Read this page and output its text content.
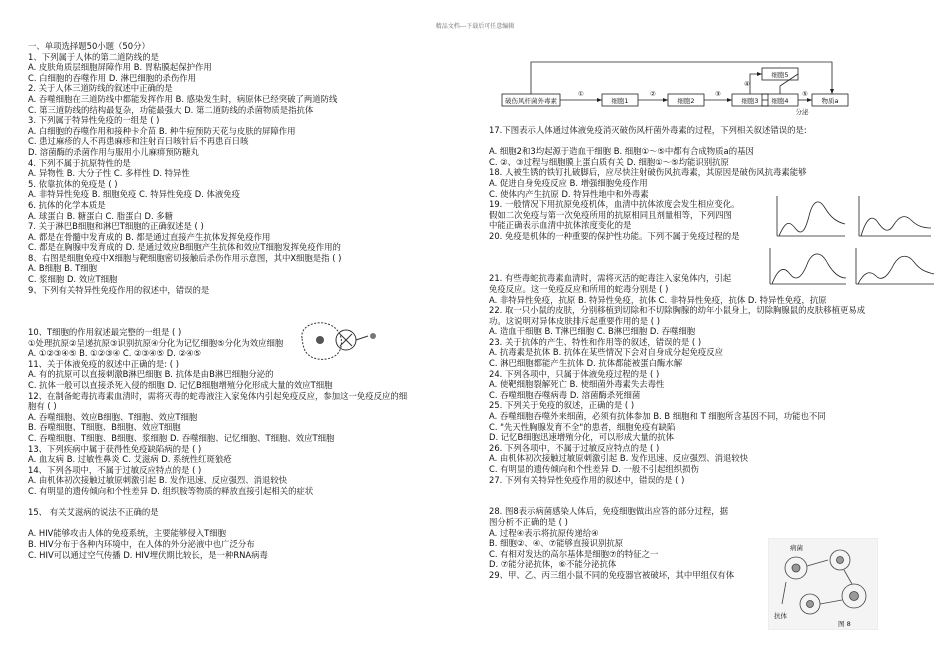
精品文档---下载后可任意编辑
一、单项选择题50小题（50分）
1、下列属于人体的第二道防线的是
A. 皮肤角质层细胞屏障作用 B. 胃粘膜起保护作用
C. 白细胞的吞噬作用 D. 淋巴细胞的杀伤作用
2. 关于人体三道防线的叙述中正确的是
A. 吞噬细胞在三道防线中都能发挥作用 B. 感染发生时，病原体已经突破了两道防线
C. 第三道防线的结构最复杂，功能最强大 D. 第二道防线的杀菌物质是指抗体
3. 下列属于特异性免疫的一组是 ( )
A. 白细胞的吞噬作用和接种卡介苗 B. 种牛痘预防天花与皮肤的屏障作用
C. 患过麻疹的人不再患麻疹和注射百日咳针后不再患百日咳
D. 溶菌酶的杀菌作用与服用小儿麻痹预防糖丸
4. 下列不属于抗原特性的是
A. 异物性 B. 大分子性 C. 多样性 D. 特异性
5. 依靠抗体的免疫是 ( )
A. 非特异性免疫 B. 细胞免疫 C. 特异性免疫 D. 体液免疫
6. 抗体的化学本质是
A. 球蛋白 B. 糖蛋白 C. 脂蛋白 D. 多糖
7. 关于淋巴B细胞和淋巴T细胞的正确叙述是 ( )
A. 都是在骨髓中发育成的 B. 都是通过直接产生抗体发挥免疫作用
C. 都是在胸腺中发育成的 D. 是通过效应B细胞产生抗体和效应T细胞发挥免疫作用的
8、右图是细胞免疫中X细胞与靶细胞密切接触后杀伤作用示意图，其中X细胞是指 ( )
A. B细胞 B. T细胞
C. 浆细胞 D. 效应T细胞
9、下列有关特异性免疫作用的叙述中，错误的是

10、T细胞的作用叙述最完整的一组是 ( )
①处理抗原②呈递抗原③识别抗原④分化为记忆细胞⑤分化为效应细胞
A. ①②③④⑤ B. ①②③④ C. ②③④⑤ D. ②④⑤
11、关于体液免疫的叙述中正确的是: ( )
A. 有的抗原可以直接刺激B淋巴细胞 B. 抗体是由B淋巴细胞分泌的
C. 抗体一般可以直接杀死入侵的细胞 D. 记忆B细胞增殖分化形成大量的效应T细胞
12、在制备蛇毒抗毒素血清时，需将灭毒的蛇毒液注入家兔体内引起免疫反应，参加这一免疫反应的细
胞有 ( )
A. 吞噬细胞、效应B细胞、T细胞、效应T细胞
B. 吞噬细胞、T细胞、B细胞、效应T细胞
C. 吞噬细胞、T细胞、B细胞、浆细胞 D. 吞噬细胞、记忆细胞、T细胞、效应T细胞
13、下列疾病中属于获得性免疫缺陷病的是 ( )
A. 血友病 B. 过敏性鼻炎 C. 艾滋病 D. 系统性红斑狼疮
14、下列各项中，不属于过敏反应特点的是 ( )
A. 由机体初次接触过敏原刺激引起 B. 发作迅速、反应强烈、消退较快
C. 有明显的遗传倾向和个性差异 D. 组织胺等物质的释放直接引起相关的症状

15、 有关艾滋病的说法不正确的是

A. HIV能够攻击人体的免疫系统，主要能够侵入T细胞
B. HIV分布于各种内环境中，在人体的外分泌液中也广泛分布
C. HIV可以通过空气传播 D. HIV埋伏期比较长，是一种RNA病毒
17.下图表示人体通过体液免疫消灭破伤风杆菌外毒素的过程，下列相关叙述错误的是:

A. 细胞2和3均起源于造血干细胞 B. 细胞①～⑤中都有合成物质a的基因
C. ②、③过程与细胞膜上蛋白质有关 D. 细胞①～⑤均能识别抗原
18. 人被生锈的铁钉扎破脚后，应尽快注射破伤风抗毒素，其原因是破伤风抗毒素能够
A. 促进自身免疫反应 B. 增强细胞免疫作用
C. 使体内产生抗原 D. 特异性地中和外毒素
19. 一般情况下用抗原免疫机体，血清中抗体浓度会发生相应变化。
假如二次免疫与第一次免疫所用的抗原相同且剂量相等，下列四图
中能正确表示血清中抗体浓度变化的是
20. 免疫是机体的一种重要的保护性功能。下列不属于免疫过程的是

21. 有些毒蛇抗毒素血清时，需将灭活的蛇毒注入家兔体内，引起
免疫反应。这一免疫反应和所用的蛇毒分别是 ( )
A. 非特异性免疫，抗原 B. 特异性免疫，抗体 C. 非特异性免疫，抗体 D. 特异性免疫，抗原
22. 取一只小鼠的皮肤，分别移植到切除和不切除胸腺的幼年小鼠身上，切除胸腺鼠的皮肤移植更易成
功。这说明对异体皮肤排斥起重要作用的是 ( )
A. 造血干细胞 B. T淋巴细胞 C. B淋巴细胞 D. 吞噬细胞
23. 关于抗体的产生、特性和作用等的叙述，错误的是 ( )
A. 抗毒素是抗体 B. 抗体在某些情况下会对自身成分起免疫反应
C. 淋巴细胞都能产生抗体 D. 抗体都能被蛋白酶水解
24. 下列各项中，只属于体液免疫过程的是 ( )
A. 使靶细胞裂解死亡 B. 使细菌外毒素失去毒性
C. 吞噬细胞吞噬病毒 D. 溶菌酶杀死细菌
25. 下列关于免疫的叙述，正确的是 ( )
A. 吞噬细胞吞噬外来细菌，必须有抗体参加 B. B 细胞和 T 细胞所含基因不同，功能也不同
C. "先天性胸腺发育不全"的患者，细胞免疫有缺陷
D. 记忆B细胞迅速增殖分化，可以形成大量的抗体
26. 下列各项中，不属于过敏反应特点的是 ( )
A. 由机体初次接触过敏原刺激引起 B. 发作迅速、反应强烈、消退较快
C. 有明显的遗传倾向和个性差异 D. 一般不引起组织损伤
27. 下列有关特异性免疫作用的叙述中，错误的是 ( )

28. 图8表示病菌感染人体后，免疫细胞做出应答的部分过程，据
图分析不正确的是 ( )
A. 过程④表示将抗原传递给④
B. 细胞②、④、⑦能够直接识别抗原
C. 有相对发达的高尔基体是细胞⑦的特征之一
D. ⑦能分泌抗体，⑥不能分泌抗体
29、甲、乙、丙三组小鼠不同的免疫器官被破坏，其中甲组仅有体
破伤风杆菌外毒素	细胞1	细胞2	细胞3
细胞5
细胞4	物质a
分泌
①	②	③
④
⑤
病菌
抗体
图 8
